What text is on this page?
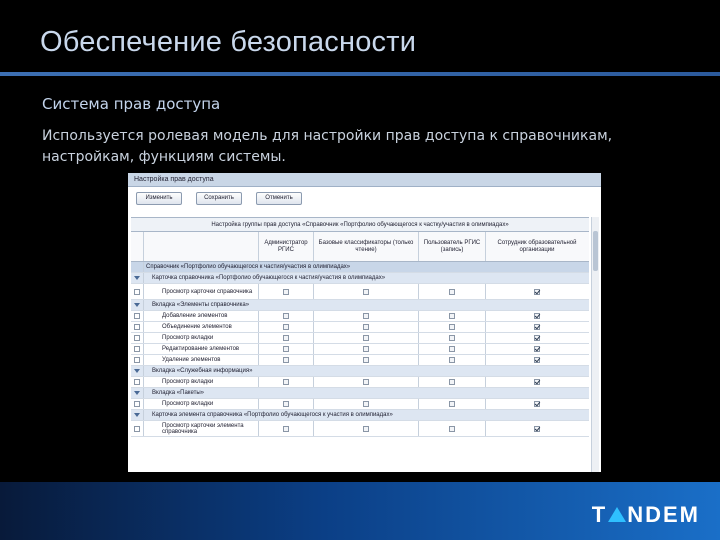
Обеспечение безопасности
Система прав доступа
Используется ролевая модель для настройки прав доступа к справочникам, настройкам, функциям системы.
Настройка прав доступа
Изменить	Сохранить	Отменить
Настройка группы прав доступа «Справочник «Портфолио обучающегося к частку/участия в олимпиадах»
Администратор РГИС
Базовые классификаторы (только чтение)
Пользователь РГИС (запись)
Сотрудник образовательной организации
Справочник «Портфолио обучающегося к частия/участия в олимпиадах»
Карточка справочника «Портфолио обучающегося к частия/участия в олимпиадах»
Просмотр карточки справочника
Вкладка «Элементы справочника»
Добавление элементов
Объединение элементов
Просмотр вкладки
Редактирование элементов
Удаление элементов
Вкладка «Служебная информация»
Просмотр вкладки
Вкладка «Пакеты»
Просмотр вкладки
Карточка элемента справочника «Портфолио обучающегося к участия в олимпиадах»
Просмотр карточки элемента справочника
T NDEM
